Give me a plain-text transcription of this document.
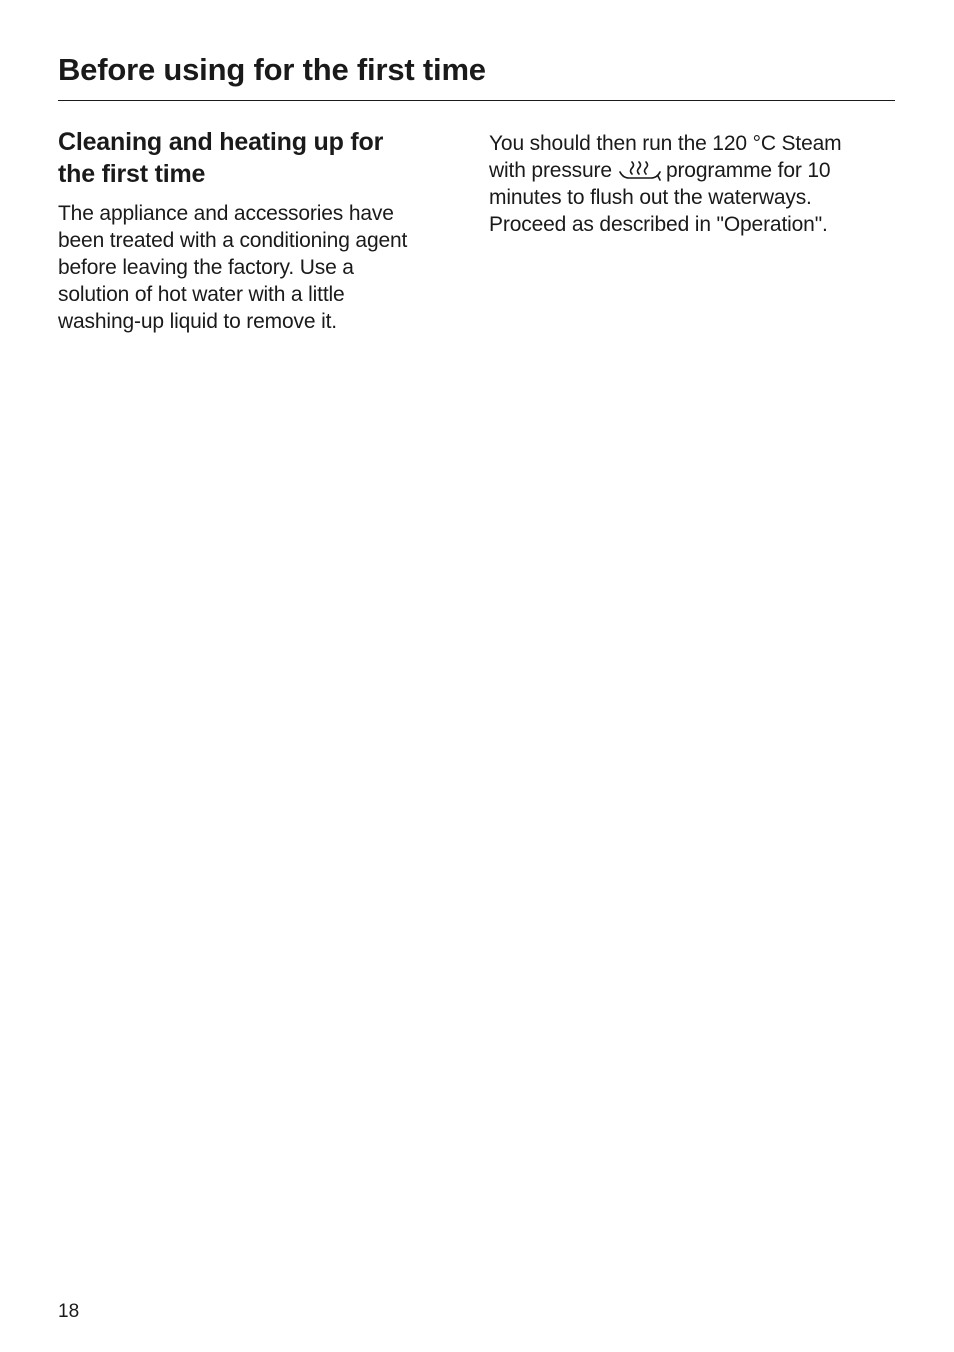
Before using for the first time
Cleaning and heating up for
the first time

The appliance and accessories have
been treated with a conditioning agent
before leaving the factory. Use a
solution of hot water with a little
washing-up liquid to remove it.

You should then run the 120 °C Steam
with pressure	programme for 10
minutes to flush out the waterways.
Proceed as described in "Operation".

18
